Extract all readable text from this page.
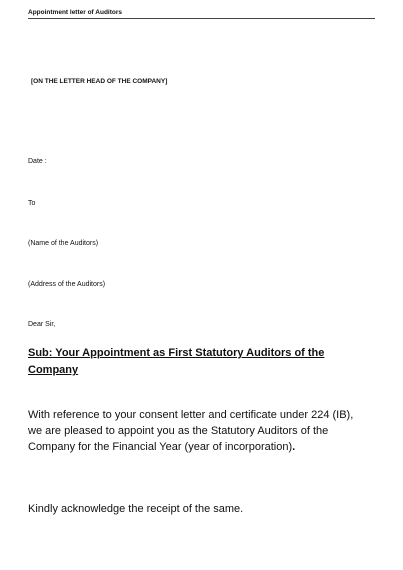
Appointment letter of Auditors
[ON THE LETTER HEAD OF THE COMPANY]
Date :
To
(Name of the Auditors)
(Address of the Auditors)
Dear Sir,
Sub: Your Appointment as First Statutory Auditors of the Company
With reference to your consent letter and certificate under 224 (IB), we are pleased to appoint you as the Statutory Auditors of the Company for the Financial Year (year of incorporation).
Kindly acknowledge the receipt of the same.
